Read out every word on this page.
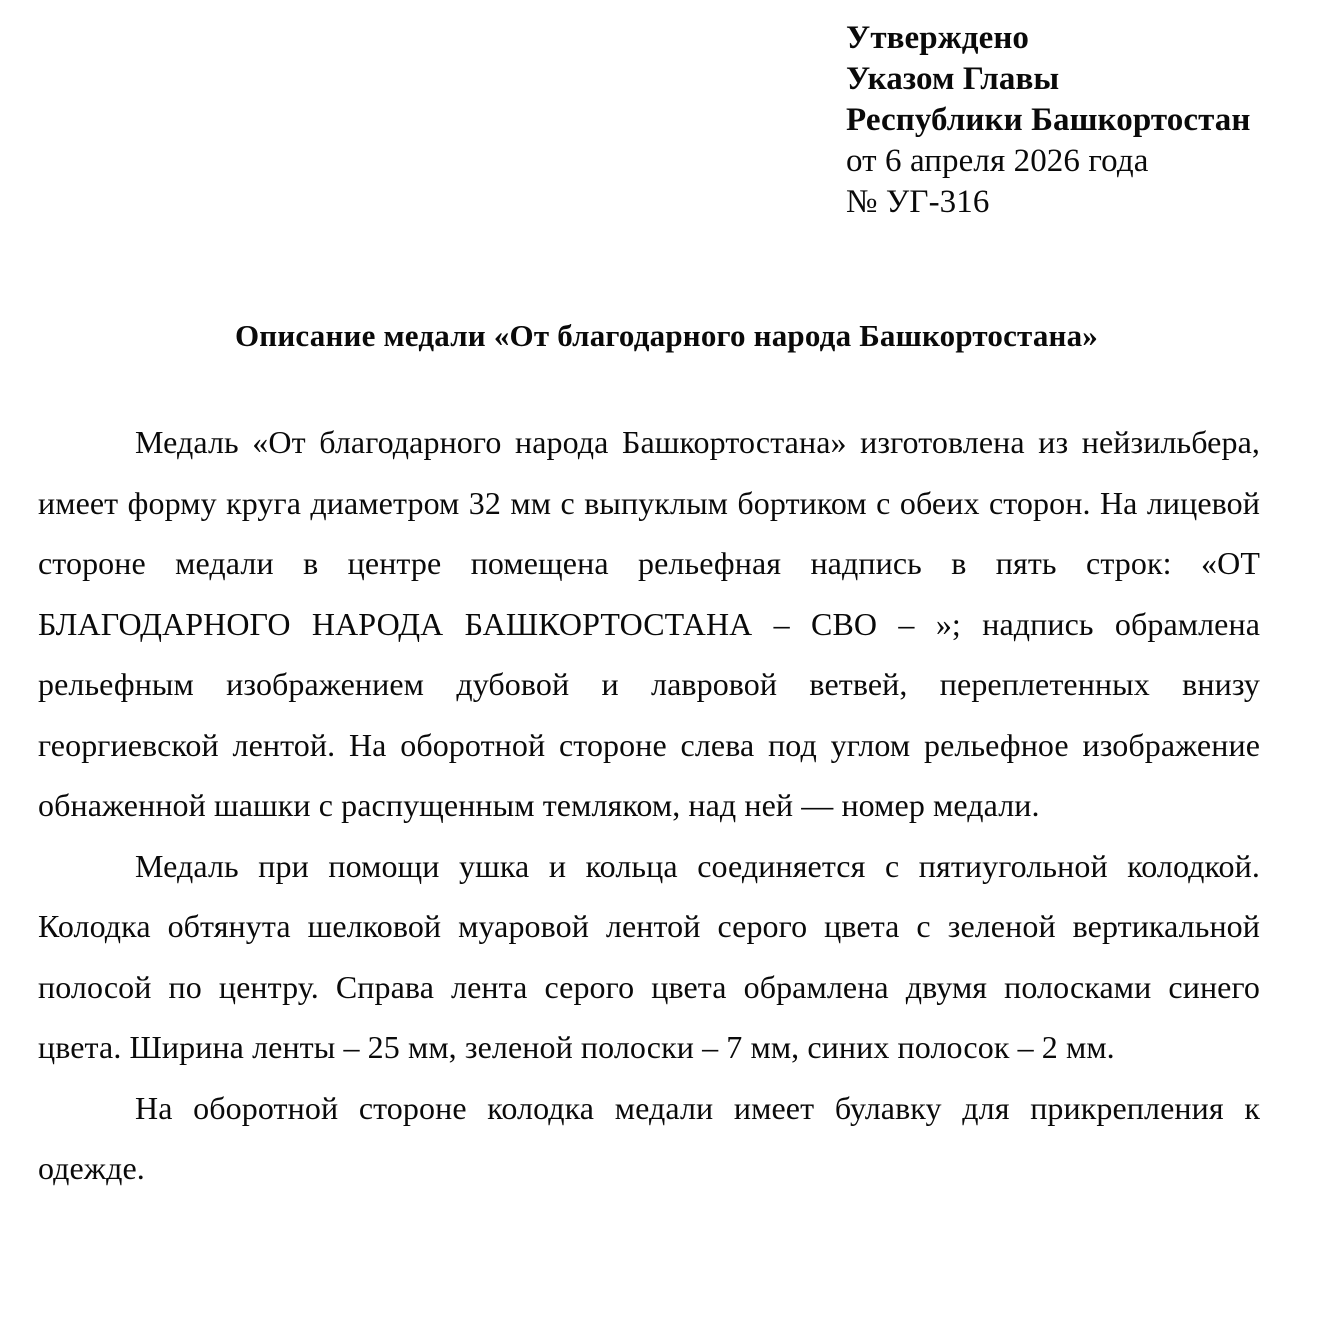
Утверждено
Указом Главы
Республики Башкортостан
от 6 апреля 2026 года
№ УГ-316
Описание медали «От благодарного народа Башкортостана»

Медаль «От благодарного народа Башкортостана» изготовлена из нейзильбера, имеет форму круга диаметром 32 мм с выпуклым бортиком с обеих сторон. На лицевой стороне медали в центре помещена рельефная надпись в пять строк: «ОТ БЛАГОДАРНОГО НАРОДА БАШКОРТОСТАНА – СВО – »; надпись обрамлена рельефным изображением дубовой и лавровой ветвей, переплетенных внизу георгиевской лентой. На оборотной стороне слева под углом рельефное изображение обнаженной шашки с распущенным темляком, над ней — номер медали.

Медаль при помощи ушка и кольца соединяется с пятиугольной колодкой. Колодка обтянута шелковой муаровой лентой серого цвета с зеленой вертикальной полосой по центру. Справа лента серого цвета обрамлена двумя полосками синего цвета. Ширина ленты – 25 мм, зеленой полоски – 7 мм, синих полосок – 2 мм.

На оборотной стороне колодка медали имеет булавку для прикрепления к одежде.
